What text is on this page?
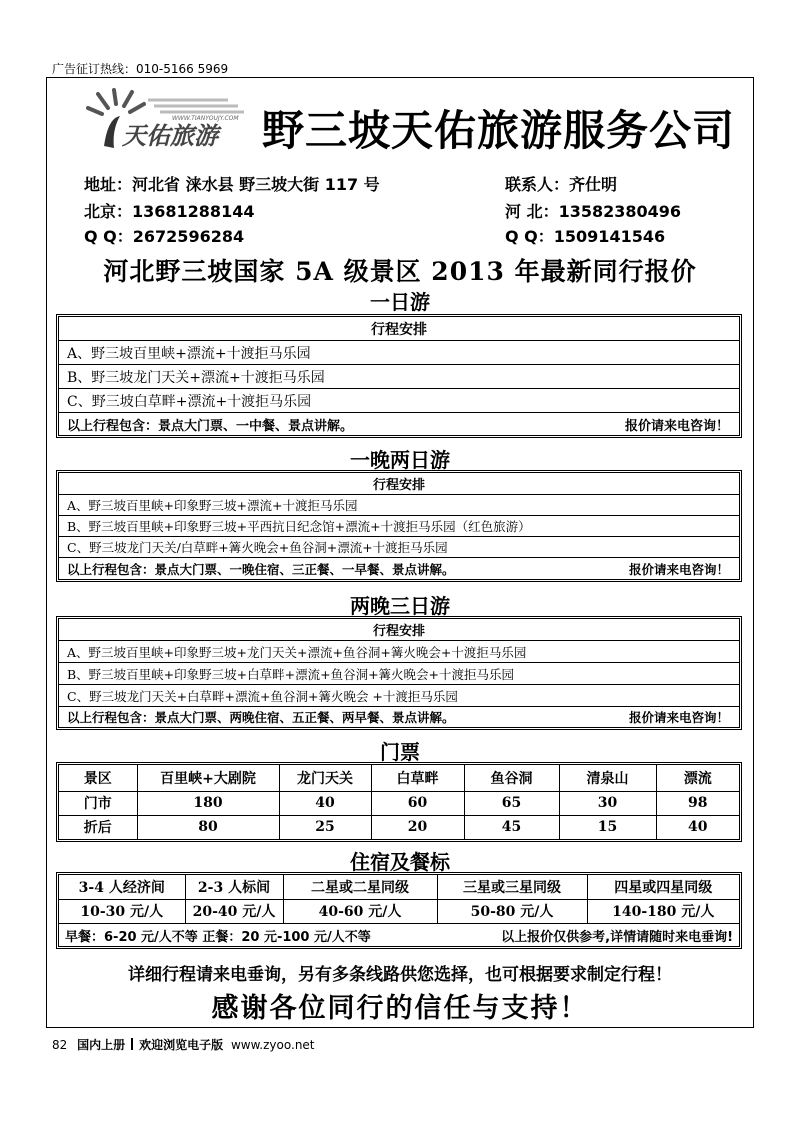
广告征订热线：010-5166 5969
天佑旅游
WWW.TIANYOUJY.COM 野三坡天佑旅游服务公司
地址：河北省 涞水县 野三坡大街 117 号	联系人：齐仕明
北京：13681288144	河 北：13582380496
Q Q：2672596284	Q Q：1509141546
河北野三坡国家 5A 级景区 2013 年最新同行报价
一日游
行程安排
A、野三坡百里峡+漂流+十渡拒马乐园
B、野三坡龙门天关+漂流+十渡拒马乐园
C、野三坡白草畔+漂流+十渡拒马乐园
以上行程包含：景点大门票、一中餐、景点讲解。	报价请来电咨询！
一晚两日游
行程安排
A、野三坡百里峡+印象野三坡+漂流+十渡拒马乐园
B、野三坡百里峡+印象野三坡+平西抗日纪念馆+漂流+十渡拒马乐园（红色旅游）
C、野三坡龙门天关/白草畔+篝火晚会+鱼谷洞+漂流+十渡拒马乐园
以上行程包含：景点大门票、一晚住宿、三正餐、一早餐、景点讲解。	报价请来电咨询！
两晚三日游
行程安排
A、野三坡百里峡+印象野三坡+龙门天关+漂流+鱼谷洞+篝火晚会+十渡拒马乐园
B、野三坡百里峡+印象野三坡+白草畔+漂流+鱼谷洞+篝火晚会+十渡拒马乐园
C、野三坡龙门天关+白草畔+漂流+鱼谷洞+篝火晚会 +十渡拒马乐园
以上行程包含：景点大门票、两晚住宿、五正餐、两早餐、景点讲解。	报价请来电咨询！
门票
景区	百里峡+大剧院	龙门天关	白草畔	鱼谷洞	清泉山	漂流
门市	180	40	60	65	30	98
折后	80	25	20	45	15	40
住宿及餐标
3-4 人经济间	2-3 人标间	二星或二星同级	三星或三星同级	四星或四星同级
10-30 元/人	20-40 元/人	40-60 元/人	50-80 元/人	140-180 元/人
早餐：6-20 元/人不等 正餐：20 元-100 元/人不等	以上报价仅供参考,详情请随时来电垂询!
详细行程请来电垂询，另有多条线路供您选择，也可根据要求制定行程！
感谢各位同行的信任与支持！
82 国内上册 欢迎浏览电子版 www.zyoo.net
